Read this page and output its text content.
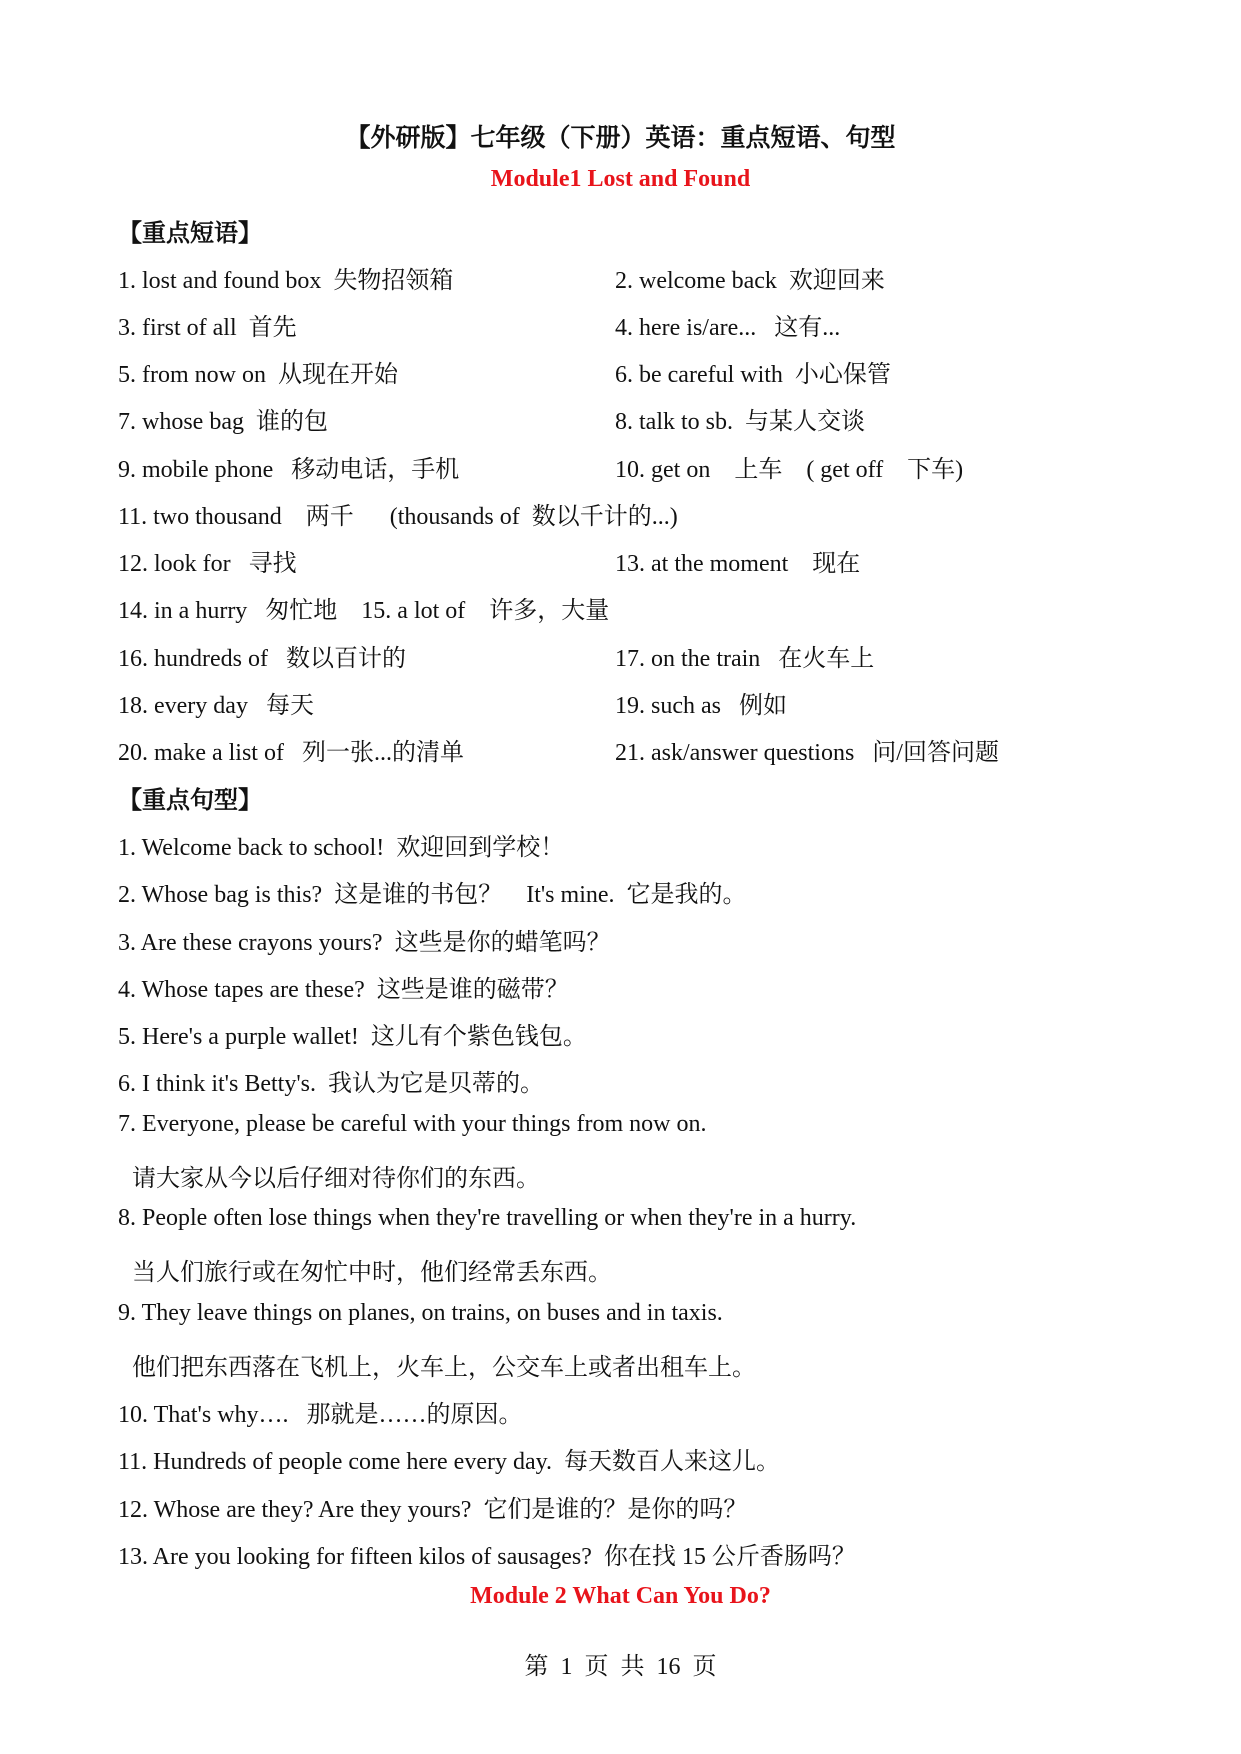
【外研版】七年级（下册）英语：重点短语、句型
Module1 Lost and Found
【重点短语】
1. lost and found box  失物招领箱	2. welcome back  欢迎回来
3. first of all  首先	4. here is/are...   这有...
5. from now on  从现在开始	6. be careful with  小心保管
7. whose bag  谁的包	8. talk to sb.  与某人交谈
9. mobile phone   移动电话，手机	10. get on    上车    ( get off    下车)
11. two thousand    两千      (thousands of  数以千计的...)
12. look for   寻找	13. at the moment    现在
14. in a hurry   匆忙地    15. a lot of    许多，大量
16. hundreds of   数以百计的	17. on the train   在火车上
18. every day   每天	19. such as   例如
20. make a list of   列一张...的清单	21. ask/answer questions   问/回答问题
【重点句型】
1. Welcome back to school!  欢迎回到学校！
2. Whose bag is this?  这是谁的书包？    It's mine.  它是我的。
3. Are these crayons yours?  这些是你的蜡笔吗？
4. Whose tapes are these?  这些是谁的磁带？
5. Here's a purple wallet!  这儿有个紫色钱包。
6. I think it's Betty's.  我认为它是贝蒂的。
7. Everyone, please be careful with your things from now on.
请大家从今以后仔细对待你们的东西。
8. People often lose things when they're travelling or when they're in a hurry.
当人们旅行或在匆忙中时，他们经常丢东西。
9. They leave things on planes, on trains, on buses and in taxis.
他们把东西落在飞机上，火车上，公交车上或者出租车上。
10. That's why….   那就是……的原因。
11. Hundreds of people come here every day.  每天数百人来这儿。
12. Whose are they? Are they yours?  它们是谁的？是你的吗？
13. Are you looking for fifteen kilos of sausages?  你在找 15 公斤香肠吗？
Module 2 What Can You Do?
第  1  页  共  16  页
